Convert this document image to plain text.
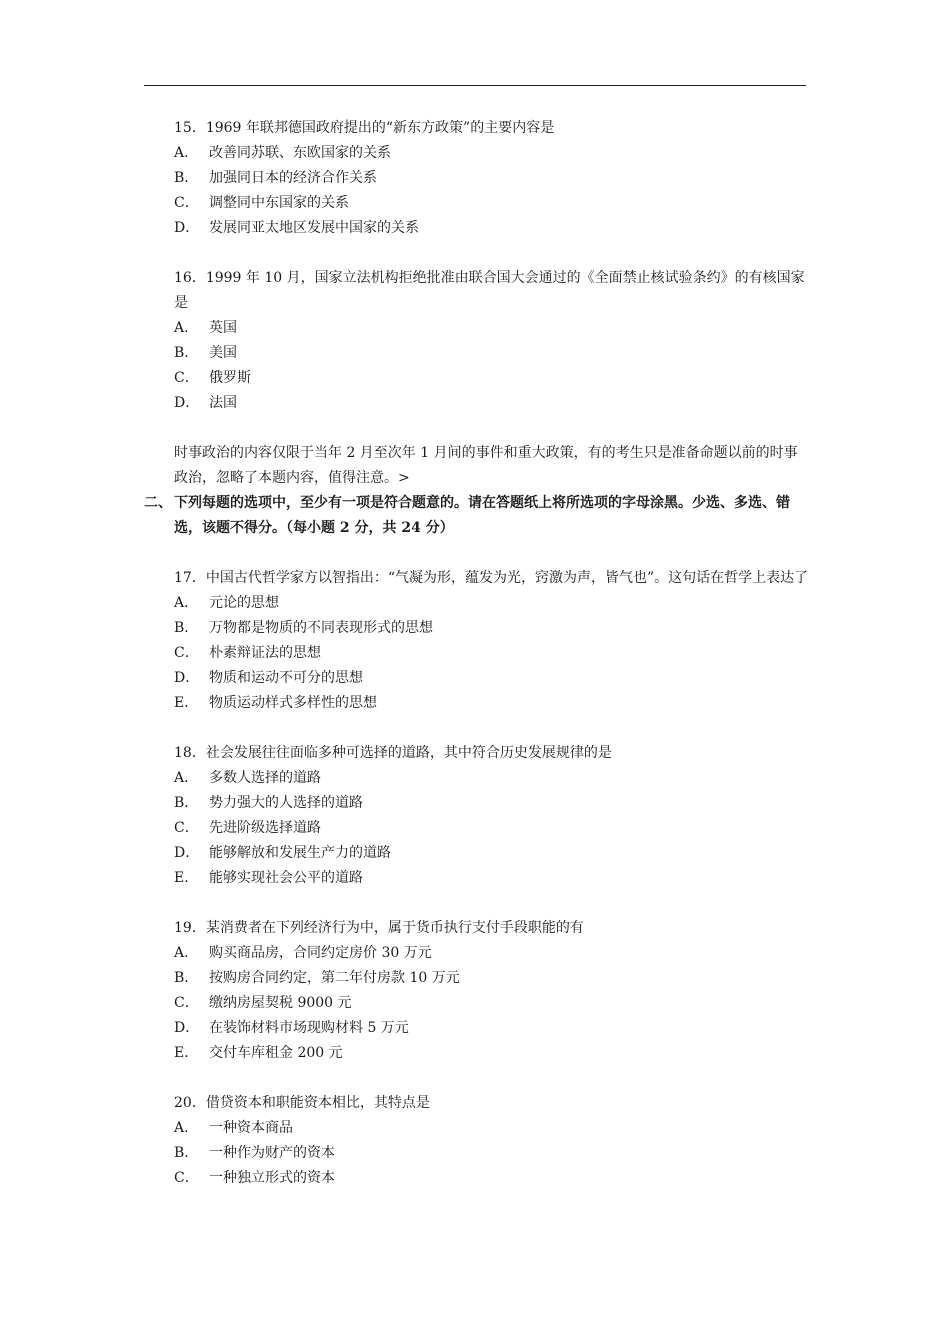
15．1969 年联邦德国政府提出的“新东方政策”的主要内容是

A． 改善同苏联、东欧国家的关系
B． 加强同日本的经济合作关系
C． 调整同中东国家的关系
D． 发展同亚太地区发展中国家的关系

16．1999 年 10 月，国家立法机构拒绝批准由联合国大会通过的《全面禁止核试验条约》的有核国家是

A． 英国
B． 美国
C． 俄罗斯
D． 法国

时事政治的内容仅限于当年 2 月至次年 1 月间的事件和重大政策，有的考生只是准备命题以前的时事政治，忽略了本题内容，值得注意。>

二、 下列每题的选项中，至少有一项是符合题意的。请在答题纸上将所选项的字母涂黑。少选、多选、错选，该题不得分。（每小题 2 分，共 24 分）

17．中国古代哲学家方以智指出：“气凝为形，蕴发为光，窍激为声，皆气也”。这句话在哲学上表达了

A． 元论的思想
B． 万物都是物质的不同表现形式的思想
C． 朴素辩证法的思想
D． 物质和运动不可分的思想
E． 物质运动样式多样性的思想

18．社会发展往往面临多种可选择的道路，其中符合历史发展规律的是

A． 多数人选择的道路
B． 势力强大的人选择的道路
C． 先进阶级选择道路
D． 能够解放和发展生产力的道路
E． 能够实现社会公平的道路

19．某消费者在下列经济行为中，属于货币执行支付手段职能的有

A． 购买商品房，合同约定房价 30 万元
B． 按购房合同约定，第二年付房款 10 万元
C． 缴纳房屋契税 9000 元
D． 在装饰材料市场现购材料 5 万元
E． 交付车库租金 200 元

20．借贷资本和职能资本相比，其特点是

A． 一种资本商品
B． 一种作为财产的资本
C． 一种独立形式的资本
